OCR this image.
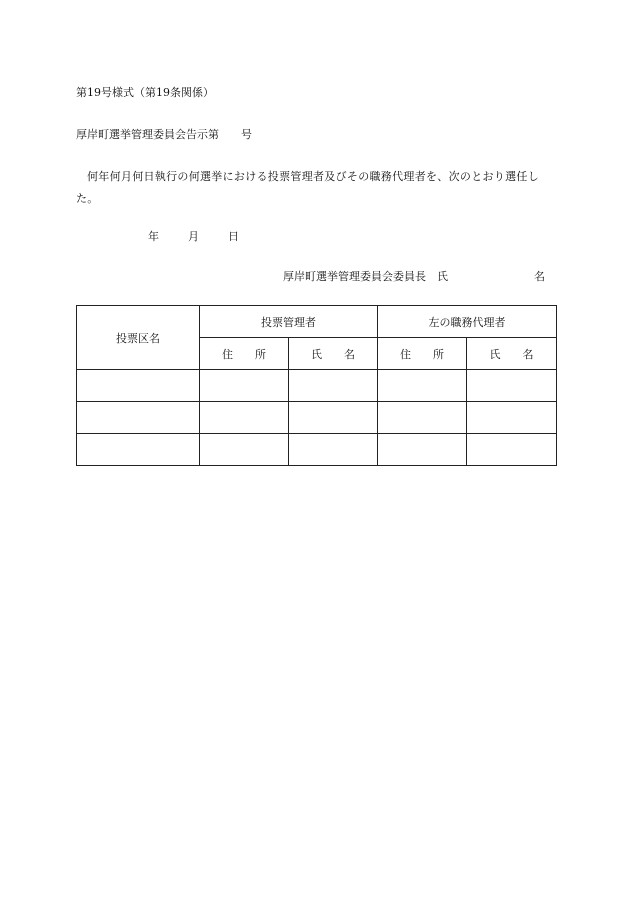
第19号様式（第19条関係）
厚岸町選挙管理委員会告示第　　 号
何年何月何日執行の何選挙における投票管理者及びその職務代理者を、次のとおり選任した。
年	月	日
厚岸町選挙管理委員会委員長　氏	名
投票区名	投票管理者		左の職務代理者	
	住　　所	氏　　名	住　　所	氏　　名
